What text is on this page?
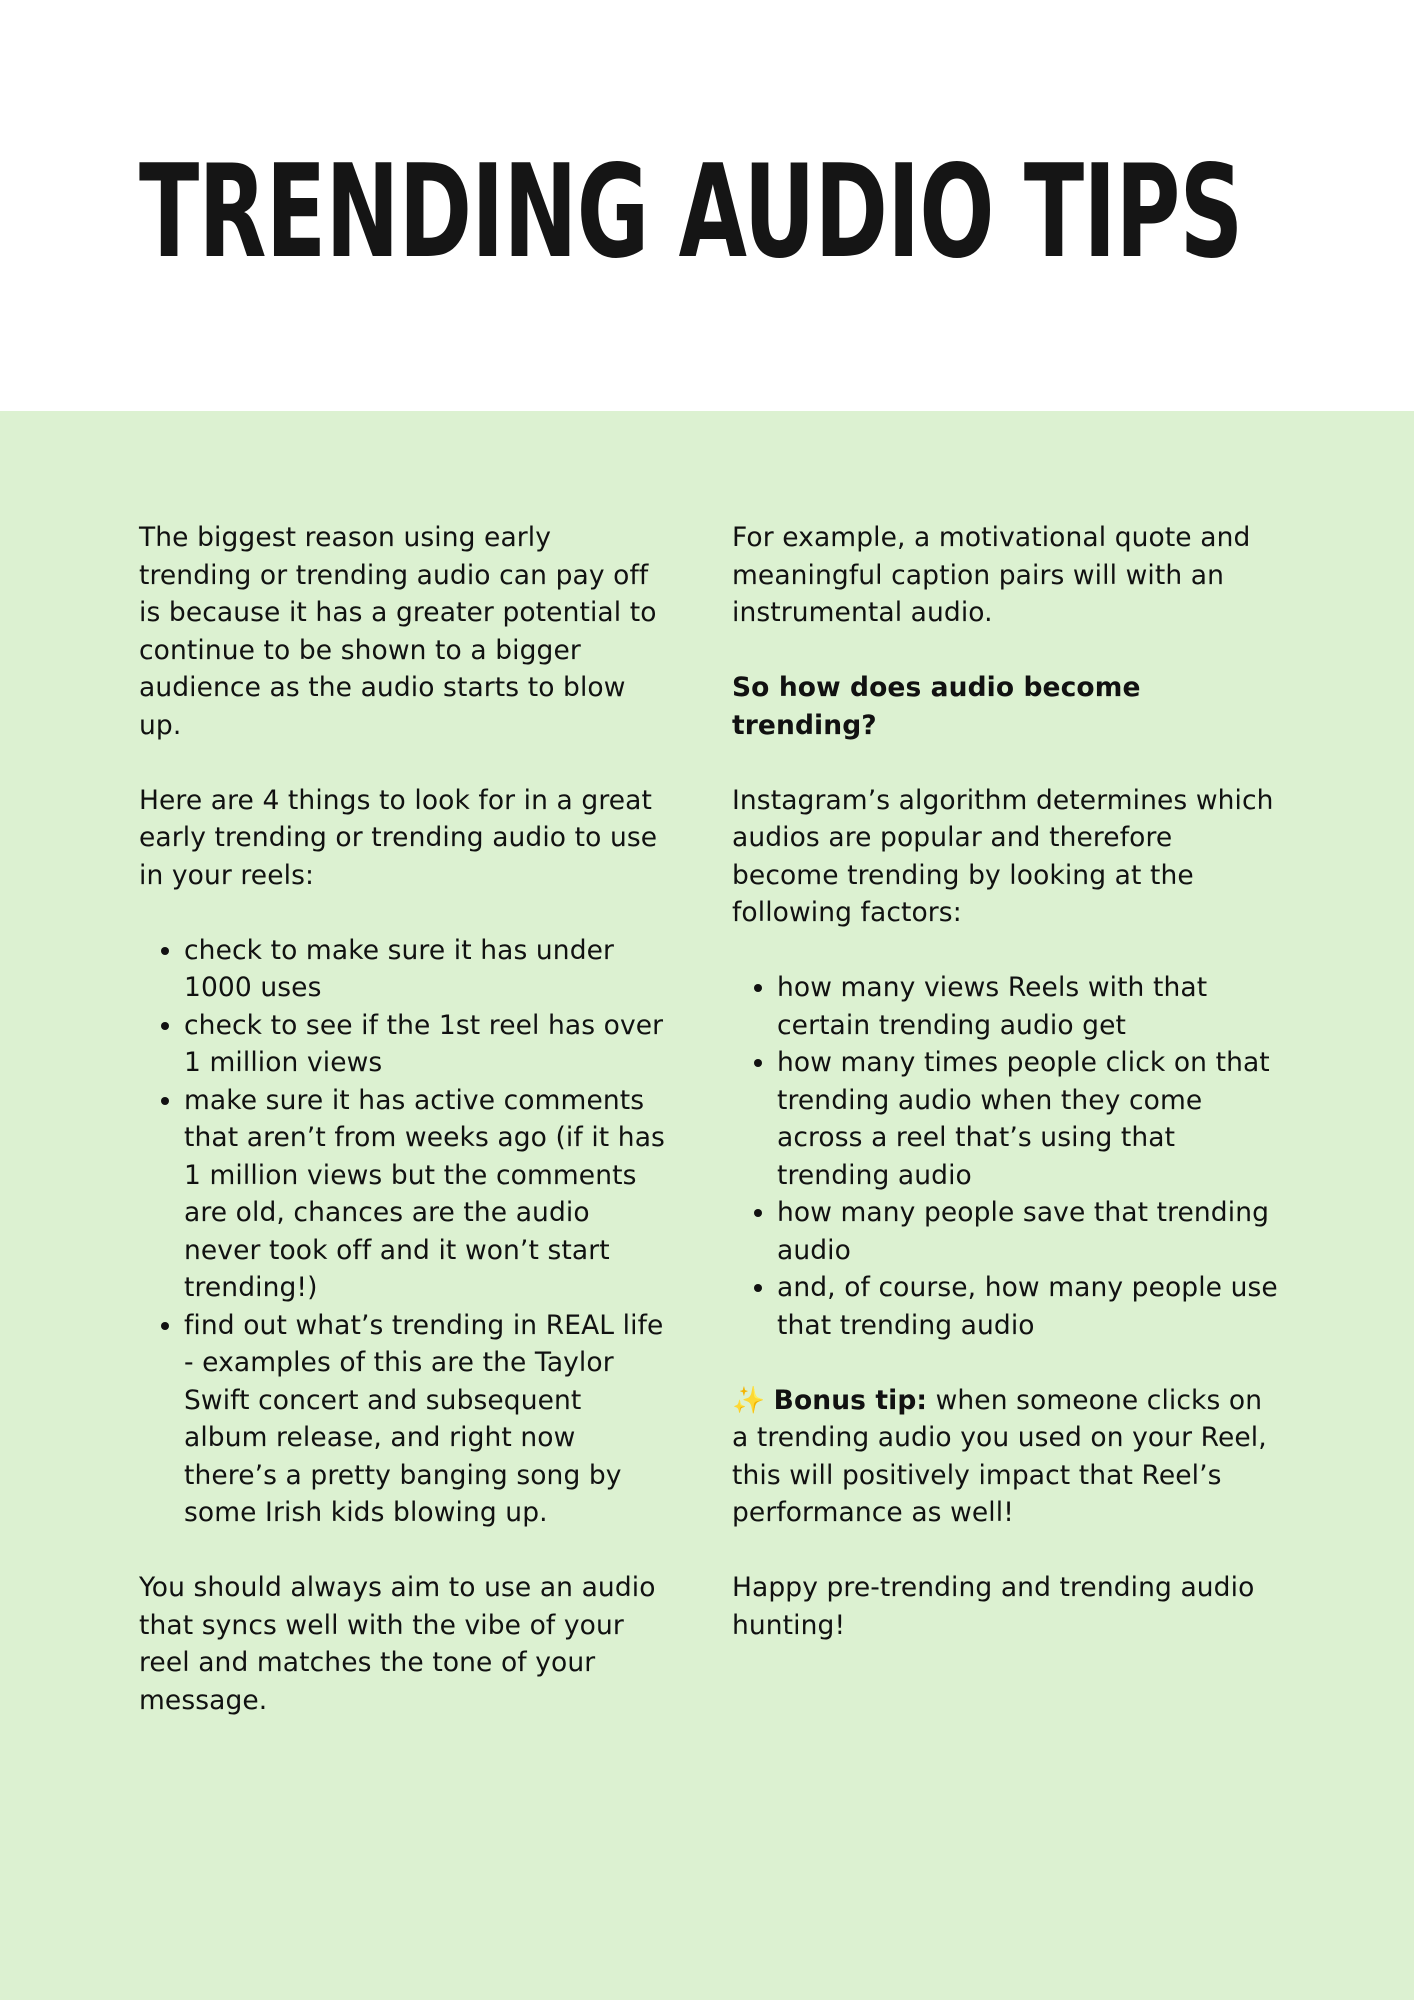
TRENDING AUDIO TIPS

The biggest reason using early trending or trending audio can pay off is because it has a greater potential to continue to be shown to a bigger audience as the audio starts to blow up.

Here are 4 things to look for in a great early trending or trending audio to use in your reels:

• check to make sure it has under 1000 uses
• check to see if the 1st reel has over 1 million views
• make sure it has active comments that aren’t from weeks ago (if it has 1 million views but the comments are old, chances are the audio never took off and it won’t start trending!)
• find out what’s trending in REAL life - examples of this are the Taylor Swift concert and subsequent album release, and right now there’s a pretty banging song by some Irish kids blowing up.

You should always aim to use an audio that syncs well with the vibe of your reel and matches the tone of your message.

For example, a motivational quote and meaningful caption pairs will with an instrumental audio.

So how does audio become trending?

Instagram’s algorithm determines which audios are popular and therefore become trending by looking at the following factors:

• how many views Reels with that certain trending audio get
• how many times people click on that trending audio when they come across a reel that’s using that trending audio
• how many people save that trending audio
• and, of course, how many people use that trending audio

✨ Bonus tip: when someone clicks on a trending audio you used on your Reel, this will positively impact that Reel’s performance as well!

Happy pre-trending and trending audio hunting!
